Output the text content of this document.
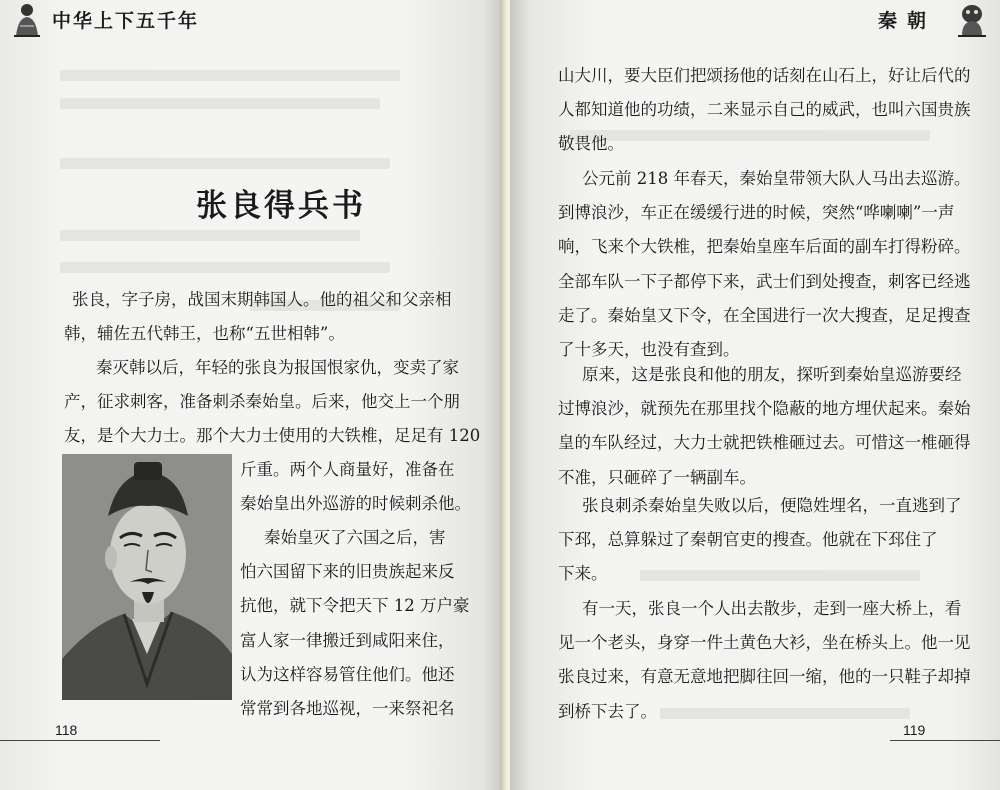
中华上下五千年
张良得兵书
张良，字子房，战国末期韩国人。他的祖父和父亲相
韩，辅佐五代韩王，也称“五世相韩”。
秦灭韩以后，年轻的张良为报国恨家仇，变卖了家
产，征求刺客，准备刺杀秦始皇。后来，他交上一个朋
友，是个大力士。那个大力士使用的大铁椎，足足有 120
斤重。两个人商量好，准备在
秦始皇出外巡游的时候刺杀他。
秦始皇灭了六国之后，害
怕六国留下来的旧贵族起来反
抗他，就下令把天下 12 万户豪
富人家一律搬迁到咸阳来住，
认为这样容易管住他们。他还
常常到各地巡视，一来祭祀名
118
秦朝
山大川，要大臣们把颂扬他的话刻在山石上，好让后代的
人都知道他的功绩，二来显示自己的威武，也叫六国贵族
敬畏他。
公元前 218 年春天，秦始皇带领大队人马出去巡游。
到博浪沙，车正在缓缓行进的时候，突然“哗喇喇”一声
响，飞来个大铁椎，把秦始皇座车后面的副车打得粉碎。
全部车队一下子都停下来，武士们到处搜查，刺客已经逃
走了。秦始皇又下令，在全国进行一次大搜查，足足搜查
了十多天，也没有查到。
原来，这是张良和他的朋友，探听到秦始皇巡游要经
过博浪沙，就预先在那里找个隐蔽的地方埋伏起来。秦始
皇的车队经过，大力士就把铁椎砸过去。可惜这一椎砸得
不准，只砸碎了一辆副车。
张良刺杀秦始皇失败以后，便隐姓埋名，一直逃到了
下邳，总算躲过了秦朝官吏的搜查。他就在下邳住了
下来。
有一天，张良一个人出去散步，走到一座大桥上，看
见一个老头，身穿一件土黄色大衫，坐在桥头上。他一见
张良过来，有意无意地把脚往回一缩，他的一只鞋子却掉
到桥下去了。
119
